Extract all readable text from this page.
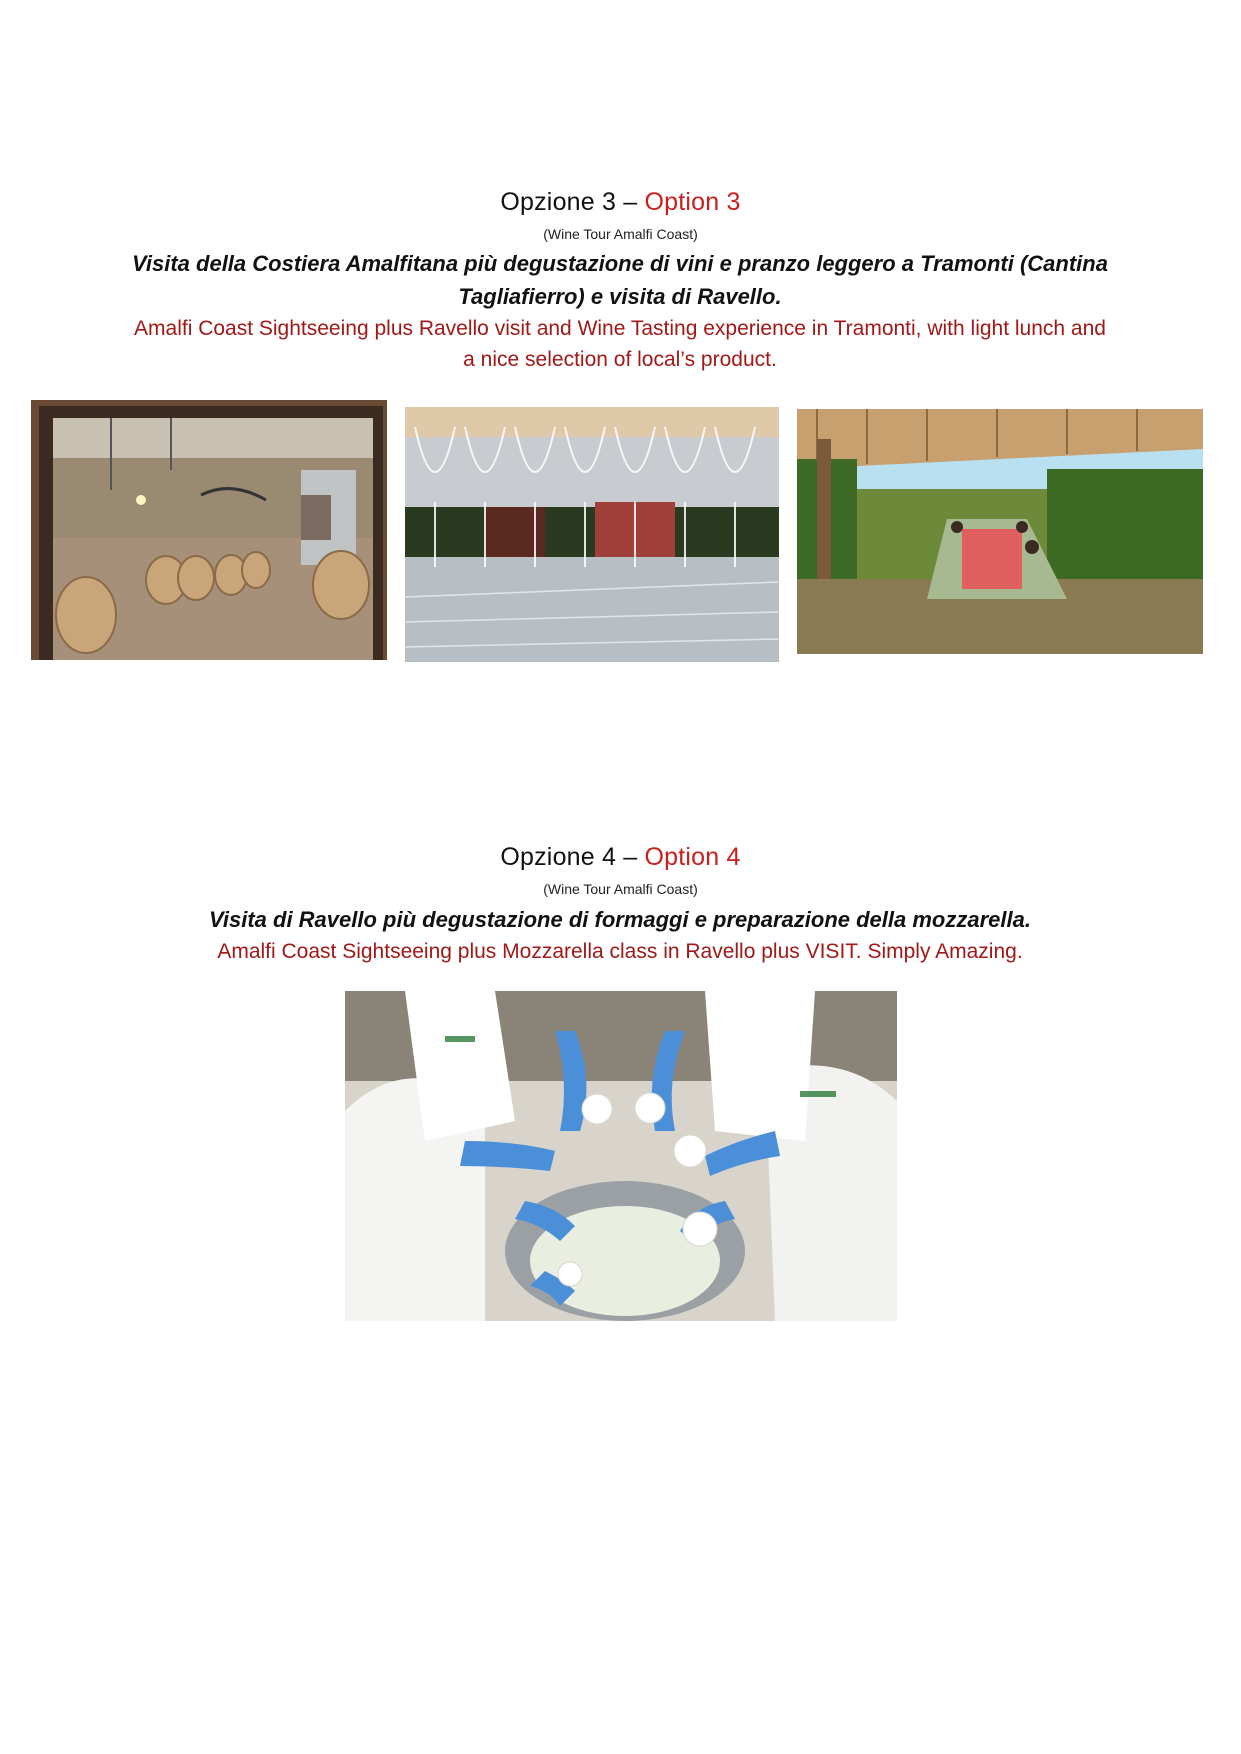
Opzione 3 – Option 3
(Wine Tour Amalfi Coast)
Visita della Costiera Amalfitana più degustazione di vini e pranzo leggero a Tramonti (Cantina
Tagliafierro) e visita di Ravello.
Amalfi Coast Sightseeing plus Ravello visit and Wine Tasting experience in Tramonti, with light lunch and
a nice selection of local’s product.
Opzione 4 – Option 4
(Wine Tour Amalfi Coast)
Visita di Ravello più degustazione di formaggi e preparazione della mozzarella.
Amalfi Coast Sightseeing plus Mozzarella class in Ravello plus VISIT. Simply Amazing.
